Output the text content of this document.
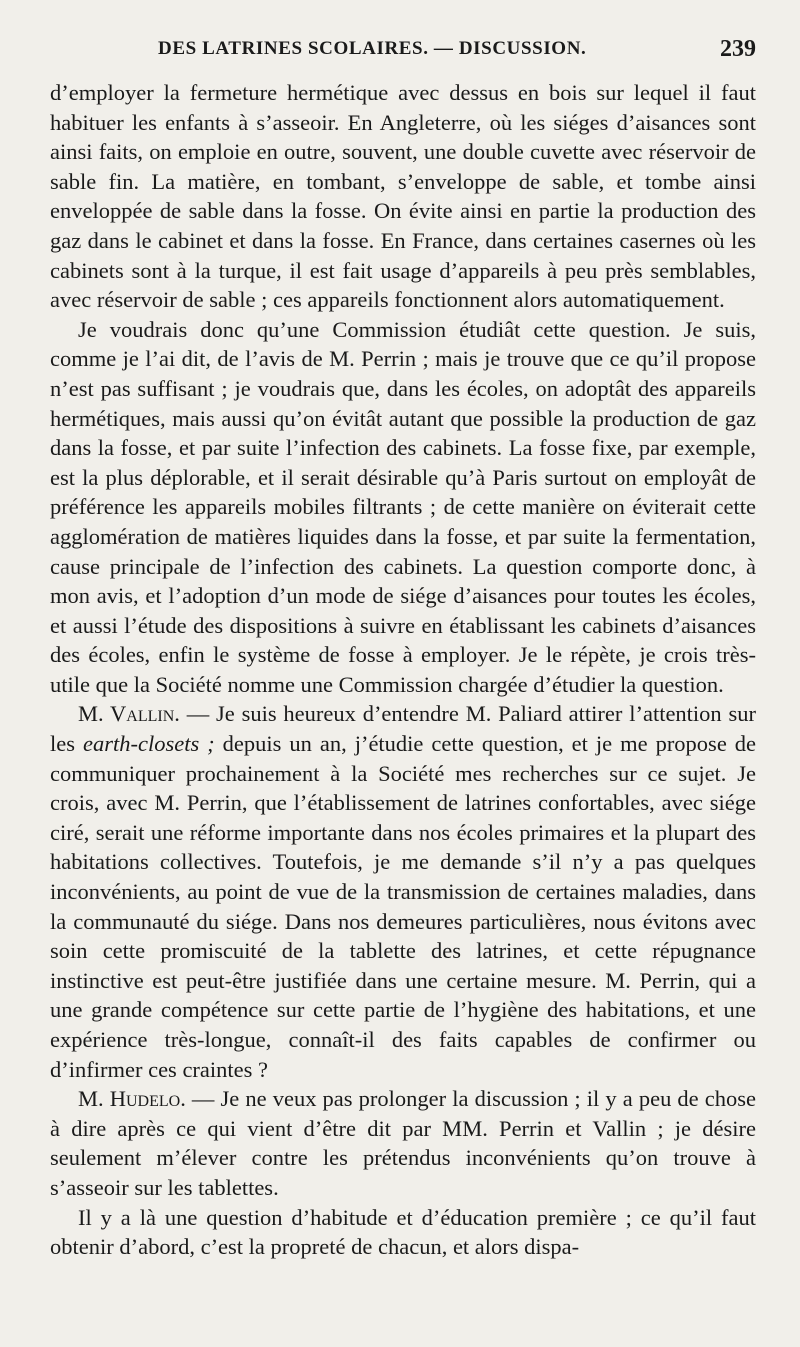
DES LATRINES SCOLAIRES. — DISCUSSION.	239

d’employer la fermeture hermétique avec dessus en bois sur lequel il faut habituer les enfants à s’asseoir. En Angleterre, où les siéges d’aisances sont ainsi faits, on emploie en outre, souvent, une double cuvette avec réservoir de sable fin. La matière, en tombant, s’enveloppe de sable, et tombe ainsi enveloppée de sable dans la fosse. On évite ainsi en partie la production des gaz dans le cabinet et dans la fosse. En France, dans certaines casernes où les cabinets sont à la turque, il est fait usage d’appareils à peu près semblables, avec réservoir de sable ; ces appareils fonctionnent alors automatiquement.

Je voudrais donc qu’une Commission étudiât cette question. Je suis, comme je l’ai dit, de l’avis de M. Perrin ; mais je trouve que ce qu’il propose n’est pas suffisant ; je voudrais que, dans les écoles, on adoptât des appareils hermétiques, mais aussi qu’on évitât autant que possible la production de gaz dans la fosse, et par suite l’infection des cabinets. La fosse fixe, par exemple, est la plus déplorable, et il serait désirable qu’à Paris surtout on employât de préférence les appareils mobiles filtrants ; de cette manière on éviterait cette agglomération de matières liquides dans la fosse, et par suite la fermentation, cause principale de l’infection des cabinets. La question comporte donc, à mon avis, et l’adoption d’un mode de siége d’aisances pour toutes les écoles, et aussi l’étude des dispositions à suivre en établissant les cabinets d’aisances des écoles, enfin le système de fosse à employer. Je le répète, je crois très-utile que la Société nomme une Commission chargée d’étudier la question.

M. Vallin. — Je suis heureux d’entendre M. Paliard attirer l’attention sur les earth-closets ; depuis un an, j’étudie cette question, et je me propose de communiquer prochainement à la Société mes recherches sur ce sujet. Je crois, avec M. Perrin, que l’établissement de latrines confortables, avec siége ciré, serait une réforme importante dans nos écoles primaires et la plupart des habitations collectives. Toutefois, je me demande s’il n’y a pas quelques inconvénients, au point de vue de la transmission de certaines maladies, dans la communauté du siége. Dans nos demeures particulières, nous évitons avec soin cette promiscuité de la tablette des latrines, et cette répugnance instinctive est peut-être justifiée dans une certaine mesure. M. Perrin, qui a une grande compétence sur cette partie de l’hygiène des habitations, et une expérience très-longue, connaît-il des faits capables de confirmer ou d’infirmer ces craintes ?

M. Hudelo. — Je ne veux pas prolonger la discussion ; il y a peu de chose à dire après ce qui vient d’être dit par MM. Perrin et Vallin ; je désire seulement m’élever contre les prétendus inconvénients qu’on trouve à s’asseoir sur les tablettes.

Il y a là une question d’habitude et d’éducation première ; ce qu’il faut obtenir d’abord, c’est la propreté de chacun, et alors dispa-
